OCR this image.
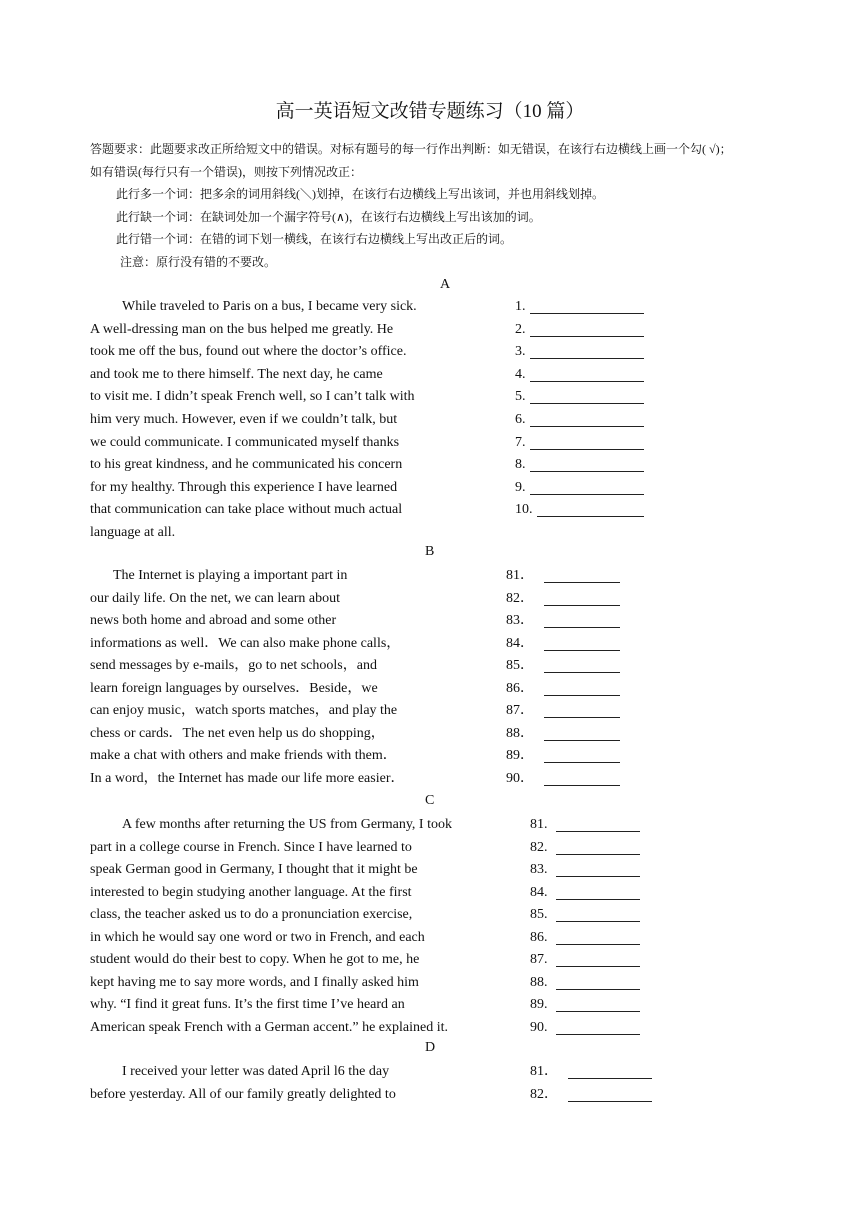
高一英语短文改错专题练习（10 篇）
答题要求：此题要求改正所给短文中的错误。对标有题号的每一行作出判断：如无错误，在该行右边横线上画一个勾( √)；
如有错误(每行只有一个错误)，则按下列情况改正：
此行多一个词：把多余的词用斜线(＼)划掉，在该行右边横线上写出该词，并也用斜线划掉。
此行缺一个词：在缺词处加一个漏字符号(∧)，在该行右边横线上写出该加的词。
此行错一个词：在错的词下划一横线，在该行右边横线上写出改正后的词。
注意：原行没有错的不要改。
A
While traveled to Paris on a bus, I became very sick.
A well-dressing man on the bus helped me greatly. He
took me off the bus, found out where the doctor’s office.
and took me to there himself. The next day, he came
to visit me. I didn’t speak French well, so I can’t talk with
him very much. However, even if we couldn’t talk, but
we could communicate. I communicated myself thanks
to his great kindness, and he communicated his concern
for my healthy. Through this experience I have learned
that communication can take place without much actual
language at all.
1.
2.
3.
4.
5.
6.
7.
8.
9.
10.
B
The Internet is playing a important part in
our daily life. On the net, we can learn about
news both home and abroad and some other
informations as well．We can also make phone calls，
send messages by e-mails，go to net schools，and
learn foreign languages by ourselves．Beside，we
can enjoy music，watch sports matches，and play the
chess or cards．The net even help us do shopping，
make a chat with others and make friends with them．
In a word，the Internet has made our life more easier．
81．
82．
83．
84．
85．
86．
87．
88．
89．
90．
C
A few months after returning the US from Germany, I took
part in a college course in French. Since I have learned to
speak German good in Germany, I thought that it might be
interested to begin studying another language. At the first
class, the teacher asked us to do a pronunciation exercise,
in which he would say one word or two in French, and each
student would do their best to copy. When he got to me, he
kept having me to say more words, and I finally asked him
why. “I find it great funs. It’s the first time I’ve heard an
American speak French with a German accent.” he explained it.
81.
82.
83.
84.
85.
86.
87.
88.
89.
90.
D
I received your letter was dated April l6 the day
before yesterday. All of our family greatly delighted to
81．
82．
